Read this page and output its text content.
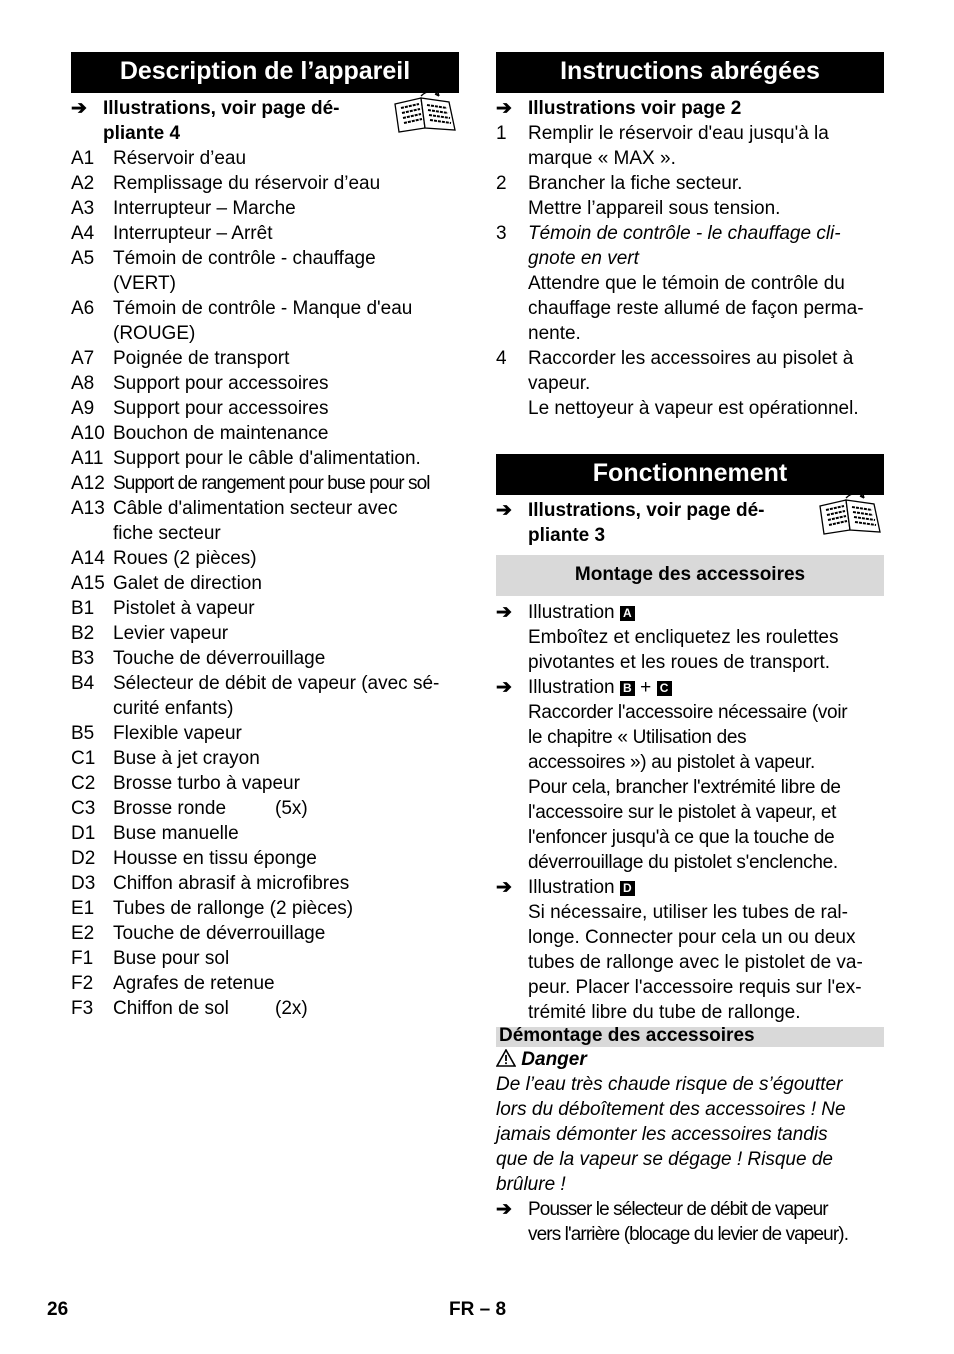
Description de l’appareil
➔ Illustrations, voir page dé-
pliante 4
A1 Réservoir d’eau
A2 Remplissage du réservoir d’eau
A3 Interrupteur – Marche
A4 Interrupteur – Arrêt
A5 Témoin de contrôle - chauffage
(VERT)
A6 Témoin de contrôle - Manque d'eau
(ROUGE)
A7 Poignée de transport
A8 Support pour accessoires
A9 Support pour accessoires
A10 Bouchon de maintenance
A11 Support pour le câble d'alimentation.
A12 Support de rangement pour buse pour sol
A13 Câble d'alimentation secteur avec
fiche secteur
A14 Roues (2 pièces)
A15 Galet de direction
B1 Pistolet à vapeur
B2 Levier vapeur
B3 Touche de déverrouillage
B4 Sélecteur de débit de vapeur (avec sé-
curité enfants)
B5 Flexible vapeur
C1 Buse à jet crayon
C2 Brosse turbo à vapeur
C3 Brosse ronde	(5x)
D1 Buse manuelle
D2 Housse en tissu éponge
D3 Chiffon abrasif à microfibres
E1 Tubes de rallonge (2 pièces)
E2 Touche de déverrouillage
F1 Buse pour sol
F2 Agrafes de retenue
F3 Chiffon de sol (2x)
Instructions abrégées
➔ Illustrations voir page 2
1 Remplir le réservoir d'eau jusqu'à la
marque « MAX ».
2 Brancher la fiche secteur.
Mettre l’appareil sous tension.
3 Témoin de contrôle - le chauffage cli-
gnote en vert
Attendre que le témoin de contrôle du
chauffage reste allumé de façon perma-
nente.
4 Raccorder les accessoires au pisolet à
vapeur.
Le nettoyeur à vapeur est opérationnel.
Fonctionnement
➔ Illustrations, voir page dé-
pliante 3
Montage des accessoires
➔ Illustration A
Emboîtez et encliquetez les roulettes
pivotantes et les roues de transport.
➔ Illustration B + C
Raccorder l'accessoire nécessaire (voir
le chapitre « Utilisation des
accessoires ») au pistolet à vapeur.
Pour cela, brancher l'extrémité libre de
l'accessoire sur le pistolet à vapeur, et
l'enfoncer jusqu'à ce que la touche de
déverrouillage du pistolet s'enclenche.
➔ Illustration D
Si nécessaire, utiliser les tubes de ral-
longe. Connecter pour cela un ou deux
tubes de rallonge avec le pistolet de va-
peur. Placer l'accessoire requis sur l'ex-
trémité libre du tube de rallonge.
Démontage des accessoires
Danger
De l’eau très chaude risque de s’égoutter
lors du déboîtement des accessoires ! Ne
jamais démonter les accessoires tandis
que de la vapeur se dégage ! Risque de
brûlure !
➔ Pousser le sélecteur de débit de vapeur
vers l'arrière (blocage du levier de vapeur).
26	FR – 8
